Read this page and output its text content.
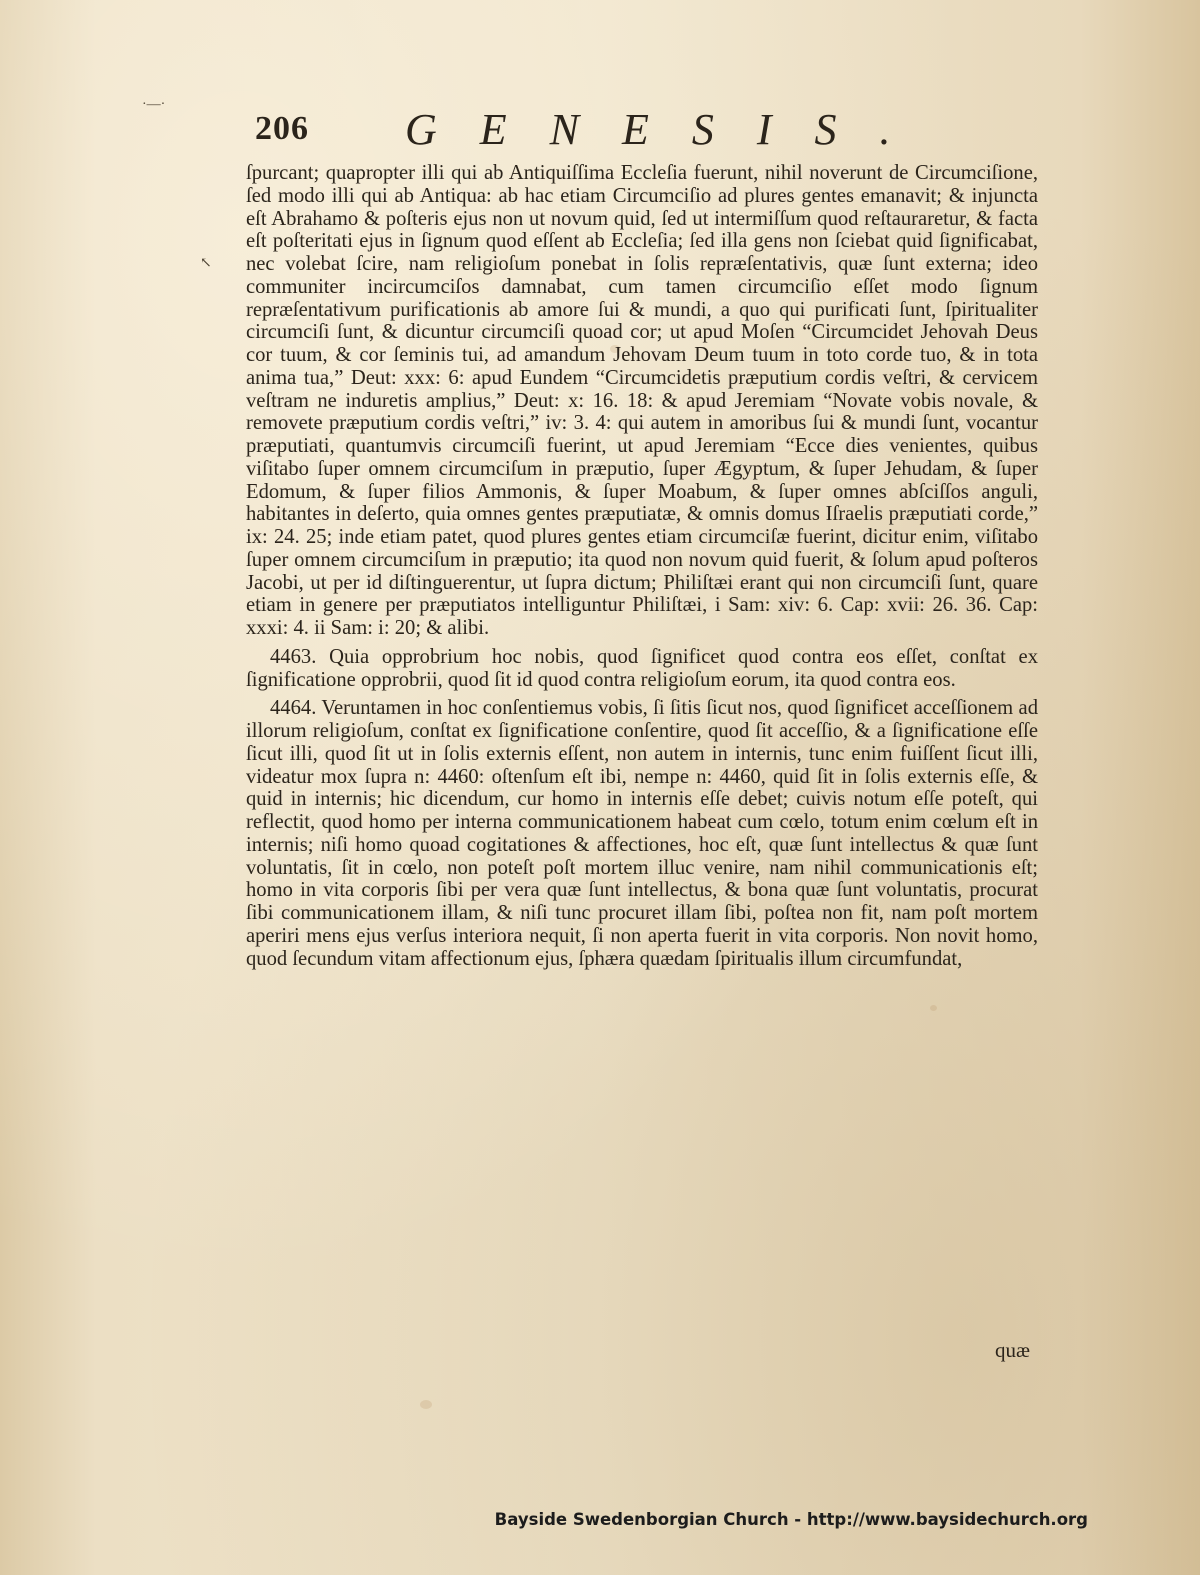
·—·
↖
206 GENESIS.

ſpurcant; quapropter illi qui ab Antiquiſſima Eccleſia fuerunt, nihil noverunt de Circumciſione, ſed modo illi qui ab Antiqua: ab hac etiam Circumciſio ad plures gentes emanavit; & injuncta eſt Abrahamo & poſteris ejus non ut novum quid, ſed ut intermiſſum quod reſtauraretur, & facta eſt poſteritati ejus in ſignum quod eſſent ab Eccleſia; ſed illa gens non ſciebat quid ſignificabat, nec volebat ſcire, nam religioſum ponebat in ſolis repræſentativis, quæ ſunt externa; ideo communiter incircumciſos damnabat, cum tamen circumciſio eſſet modo ſignum repræſentativum purificationis ab amore ſui & mundi, a quo qui purificati ſunt, ſpiritualiter circumciſi ſunt, & dicuntur circumciſi quoad cor; ut apud Moſen “Circumcidet Jehovah Deus cor tuum, & cor ſeminis tui, ad amandum Jehovam Deum tuum in toto corde tuo, & in tota anima tua,” Deut: xxx: 6: apud Eundem “Circumcidetis præputium cordis veſtri, & cervicem veſtram ne induretis amplius,” Deut: x: 16. 18: & apud Jeremiam “Novate vobis novale, & removete præputium cordis veſtri,” iv: 3. 4: qui autem in amoribus ſui & mundi ſunt, vocantur præputiati, quantumvis circumciſi fuerint, ut apud Jeremiam “Ecce dies venientes, quibus viſitabo ſuper omnem circumciſum in præputio, ſuper Ægyptum, & ſuper Jehudam, & ſuper Edomum, & ſuper filios Ammonis, & ſuper Moabum, & ſuper omnes abſciſſos anguli, habitantes in deſerto, quia omnes gentes præputiatæ, & omnis domus Iſraelis præputiati corde,” ix: 24. 25; inde etiam patet, quod plures gentes etiam circumciſæ fuerint, dicitur enim, viſitabo ſuper omnem circumciſum in præputio; ita quod non novum quid fuerit, & ſolum apud poſteros Jacobi, ut per id diſtinguerentur, ut ſupra dictum; Philiſtæi erant qui non circumciſi ſunt, quare etiam in genere per præputiatos intelliguntur Philiſtæi, i Sam: xiv: 6. Cap: xvii: 26. 36. Cap: xxxi: 4. ii Sam: i: 20; & alibi.

4463. Quia opprobrium hoc nobis, quod ſignificet quod contra eos eſſet, conſtat ex ſignificatione opprobrii, quod ſit id quod contra religioſum eorum, ita quod contra eos.

4464. Veruntamen in hoc conſentiemus vobis, ſi ſitis ſicut nos, quod ſignificet acceſſionem ad illorum religioſum, conſtat ex ſignificatione conſentire, quod ſit acceſſio, & a ſignificatione eſſe ſicut illi, quod ſit ut in ſolis externis eſſent, non autem in internis, tunc enim fuiſſent ſicut illi, videatur mox ſupra n: 4460: oſtenſum eſt ibi, nempe n: 4460, quid ſit in ſolis externis eſſe, & quid in internis; hic dicendum, cur homo in internis eſſe debet; cuivis notum eſſe poteſt, qui reflectit, quod homo per interna communicationem habeat cum cœlo, totum enim cœlum eſt in internis; niſi homo quoad cogitationes & affectiones, hoc eſt, quæ ſunt intellectus & quæ ſunt voluntatis, ſit in cœlo, non poteſt poſt mortem illuc venire, nam nihil communicationis eſt; homo in vita corporis ſibi per vera quæ ſunt intellectus, & bona quæ ſunt voluntatis, procurat ſibi communicationem illam, & niſi tunc procuret illam ſibi, poſtea non fit, nam poſt mortem aperiri mens ejus verſus interiora nequit, ſi non aperta fuerit in vita corporis. Non novit homo, quod ſecundum vitam affectionum ejus, ſphæra quædam ſpiritualis illum circumfundat,

quæ
Bayside Swedenborgian Church - http://www.baysidechurch.org
